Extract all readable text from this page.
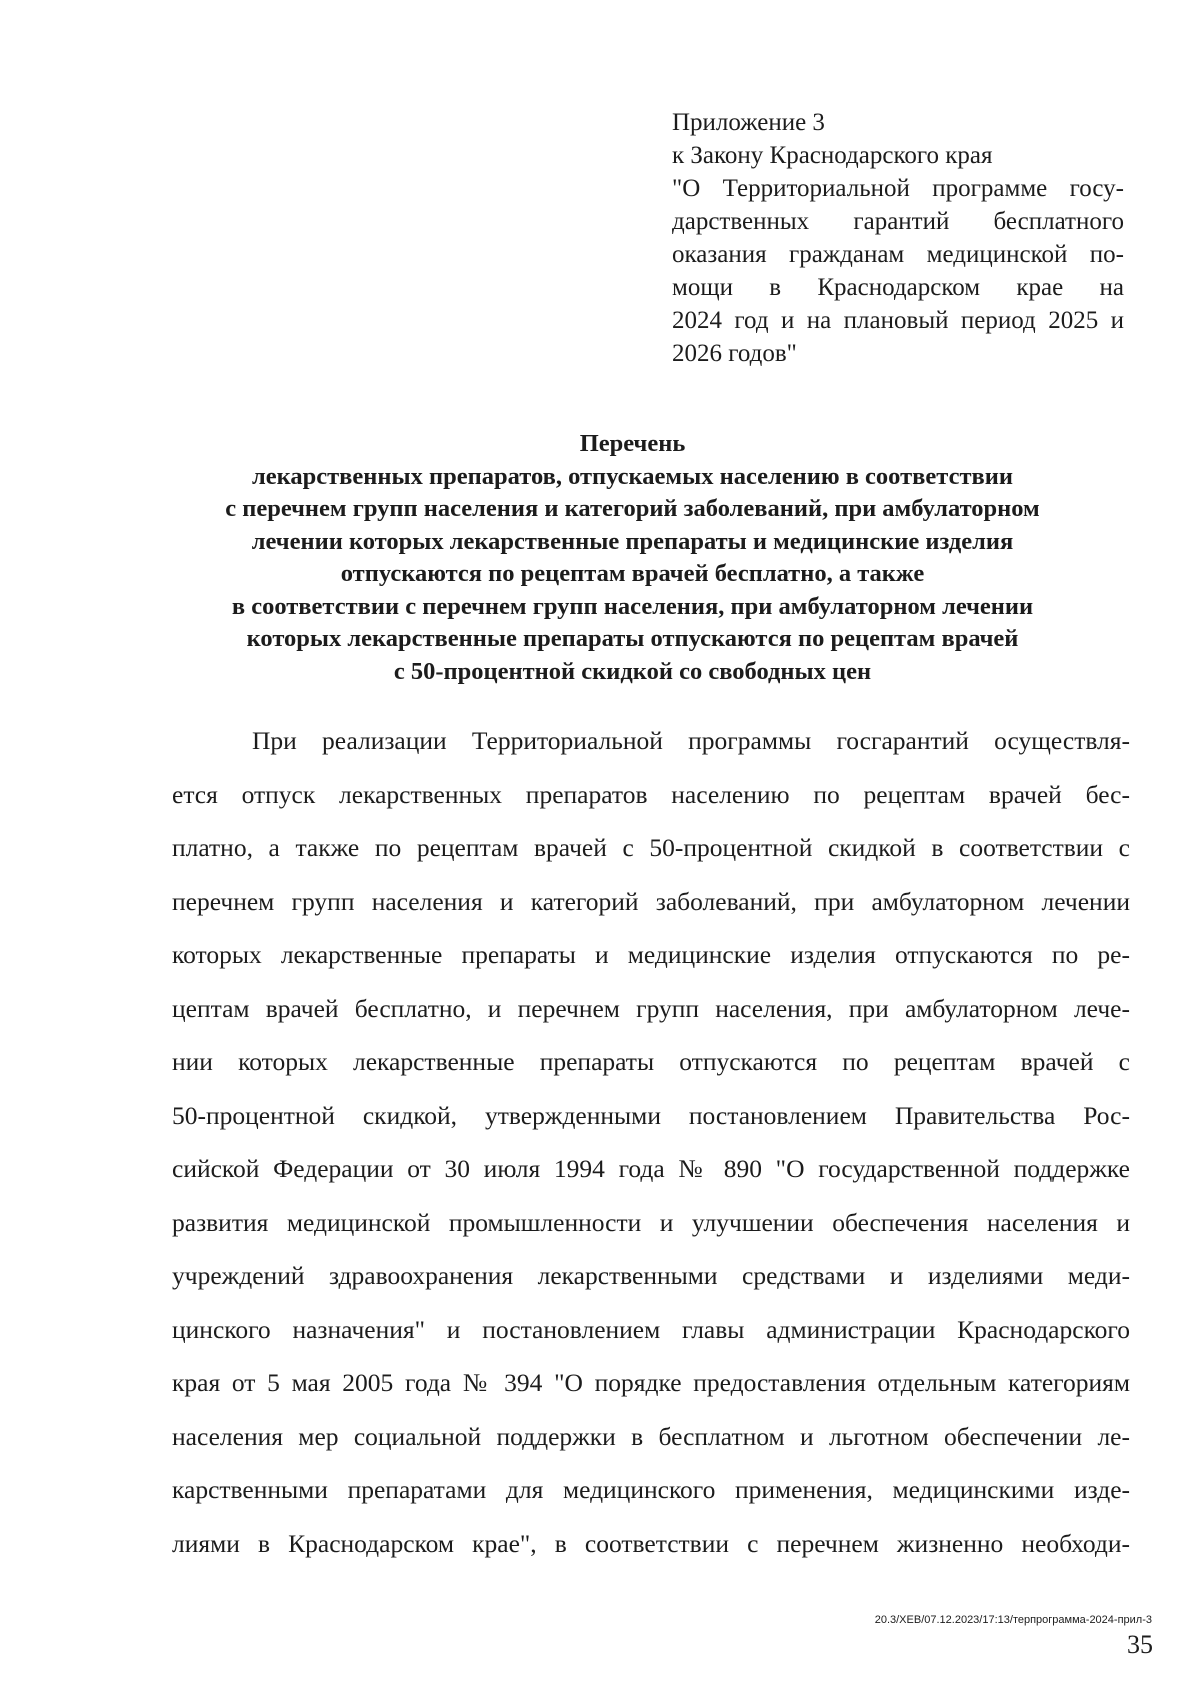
Приложение 3
к Закону Краснодарского края
"О Территориальной программе госу-
дарственных гарантий бесплатного
оказания гражданам медицинской по-
мощи в Краснодарском крае на
2024 год и на плановый период 2025 и
2026 годов"
Перечень
лекарственных препаратов, отпускаемых населению в соответствии
с перечнем групп населения и категорий заболеваний, при амбулаторном
лечении которых лекарственные препараты и медицинские изделия
отпускаются по рецептам врачей бесплатно, а также
в соответствии с перечнем групп населения, при амбулаторном лечении
которых лекарственные препараты отпускаются по рецептам врачей
с 50-процентной скидкой со свободных цен
При реализации Территориальной программы госгарантий осуществля-
ется отпуск лекарственных препаратов населению по рецептам врачей бес-
платно, а также по рецептам врачей с 50-процентной скидкой в соответствии с
перечнем групп населения и категорий заболеваний, при амбулаторном лечении
которых лекарственные препараты и медицинские изделия отпускаются по ре-
цептам врачей бесплатно, и перечнем групп населения, при амбулаторном лече-
нии которых лекарственные препараты отпускаются по рецептам врачей с
50-процентной скидкой, утвержденными постановлением Правительства Рос-
сийской Федерации от 30 июля 1994 года № 890 "О государственной поддержке
развития медицинской промышленности и улучшении обеспечения населения и
учреждений здравоохранения лекарственными средствами и изделиями меди-
цинского назначения" и постановлением главы администрации Краснодарского
края от 5 мая 2005 года № 394 "О порядке предоставления отдельным категориям
населения мер социальной поддержки в бесплатном и льготном обеспечении ле-
карственными препаратами для медицинского применения, медицинскими изде-
лиями в Краснодарском крае", в соответствии с перечнем жизненно необходи-
20.3/ХЕВ/07.12.2023/17:13/терпрограмма-2024-прил-3
35
